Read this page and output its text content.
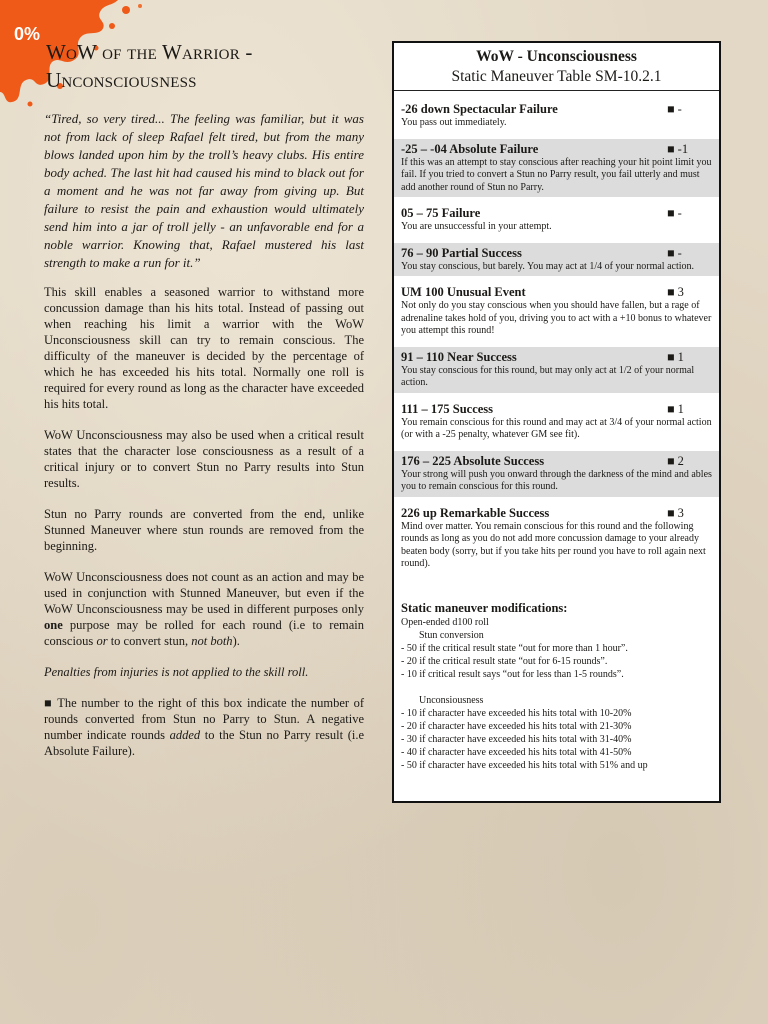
0%
WoW of the Warrior -
Unconsciousness

“Tired, so very tired... The feeling was familiar, but it was not from lack of sleep Rafael felt tired, but from the many blows landed upon him by the troll’s heavy clubs. His entire body ached. The last hit had caused his mind to black out for a moment and he was not far away from giving up. But failure to resist the pain and exhaustion would ultimately send him into a jar of troll jelly - an unfavorable end for a noble warrior. Knowing that, Rafael mustered his last strength to make a run for it.”

This skill enables a seasoned warrior to withstand more concussion damage than his hits total. Instead of passing out when reaching his limit a warrior with the WoW Unconsciousness skill can try to remain conscious. The difficulty of the maneuver is decided by the percentage of which he has exceeded his hits total. Normally one roll is required for every round as long as the character have exceeded his hits total.

WoW Unconsciousness may also be used when a critical result states that the character lose consciousness as a result of a critical injury or to convert Stun no Parry results into Stun results.

Stun no Parry rounds are converted from the end, unlike Stunned Maneuver where stun rounds are removed from the beginning.

WoW Unconsciousness does not count as an action and may be used in conjunction with Stunned Maneuver, but even if the WoW Unconsciousness may be used in different purposes only one purpose may be rolled for each round (i.e to remain conscious or to convert stun, not both).

Penalties from injuries is not applied to the skill roll.

■ The number to the right of this box indicate the number of rounds converted from Stun no Parry to Stun. A negative number indicate rounds added to the Stun no Parry result (i.e Absolute Failure).

WoW - Unconsciousness
Static Maneuver Table SM-10.2.1
-26 down Spectacular Failure	■ -
You pass out immediately.
-25 – -04 Absolute Failure	■ -1
If this was an attempt to stay conscious after reaching your hit point limit you fail. If you tried to convert a Stun no Parry result, you fail utterly and must add another round of Stun no Parry.
05 – 75 Failure	■ -
You are unsuccessful in your attempt.
76 – 90 Partial Success	■ -
You stay conscious, but barely. You may act at 1/4 of your normal action.
UM 100 Unusual Event	■ 3
Not only do you stay conscious when you should have fallen, but a rage of adrenaline takes hold of you, driving you to act with a +10 bonus to whatever you attempt this round!
91 – 110 Near Success	■ 1
You stay conscious for this round, but may only act at 1/2 of your normal action.
111 – 175 Success	■ 1
You remain conscious for this round and may act at 3/4 of your normal action (or with a -25 penalty, whatever GM see fit).
176 – 225 Absolute Success	■ 2
Your strong will push you onward through the darkness of the mind and ables you to remain conscious for this round.
226 up Remarkable Success	■ 3
Mind over matter. You remain conscious for this round and the following rounds as long as you do not add more concussion damage to your already beaten body (sorry, but if you take hits per round you have to roll again next round).
Static maneuver modifications:
Open-ended d100 roll
Stun conversion
- 50 if the critical result state “out for more than 1 hour”.
- 20 if the critical result state “out for 6-15 rounds”.
- 10 if critical result says “out for less than 1-5 rounds”.
Unconsiousness
- 10 if character have exceeded his hits total with 10-20%
- 20 if character have exceeded his hits total with 21-30%
- 30 if character have exceeded his hits total with 31-40%
- 40 if character have exceeded his hits total with 41-50%
- 50 if character have exceeded his hits total with 51% and up
